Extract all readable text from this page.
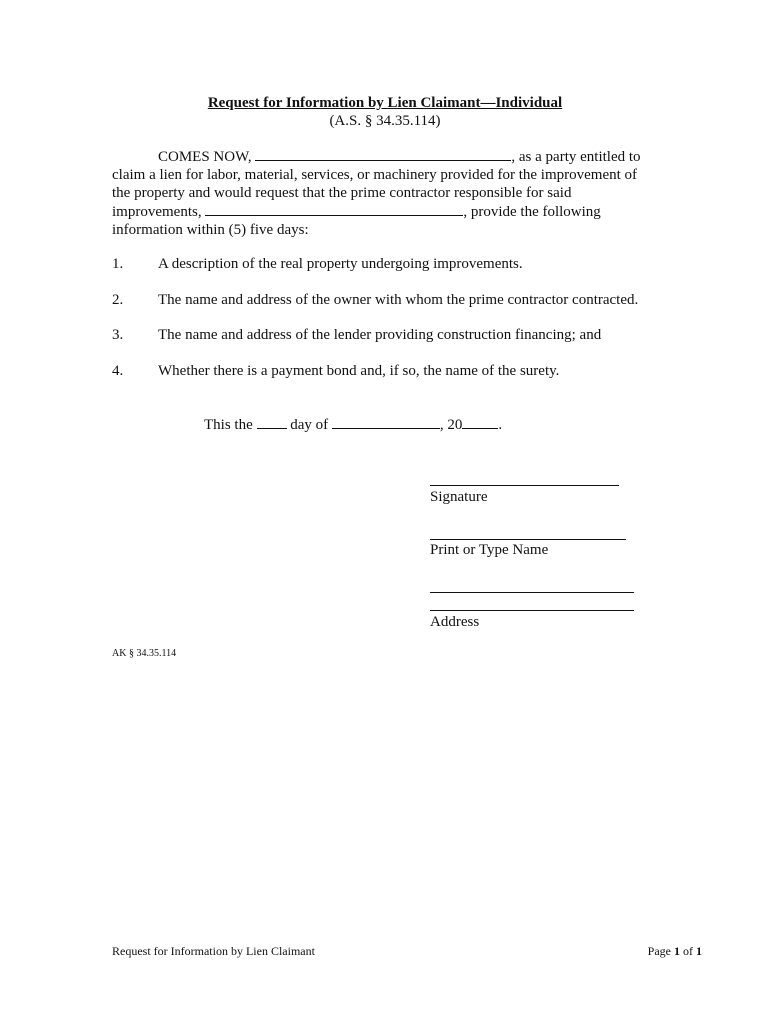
Request for Information by Lien Claimant—Individual
(A.S. § 34.35.114)
COMES NOW,	, as a party entitled to
claim a lien for labor, material, services, or machinery provided for the improvement of
the property and would request that the prime contractor responsible for said
improvements,	, provide the following
information within (5) five days:
1. A description of the real property undergoing improvements.
2. The name and address of the owner with whom the prime contractor contracted.
3. The name and address of the lender providing construction financing; and
4. Whether there is a payment bond and, if so, the name of the surety.
This the  day of	, 20 .
Signature
Print or Type Name
Address
AK § 34.35.114
Request for Information by Lien Claimant	Page 1 of 1
